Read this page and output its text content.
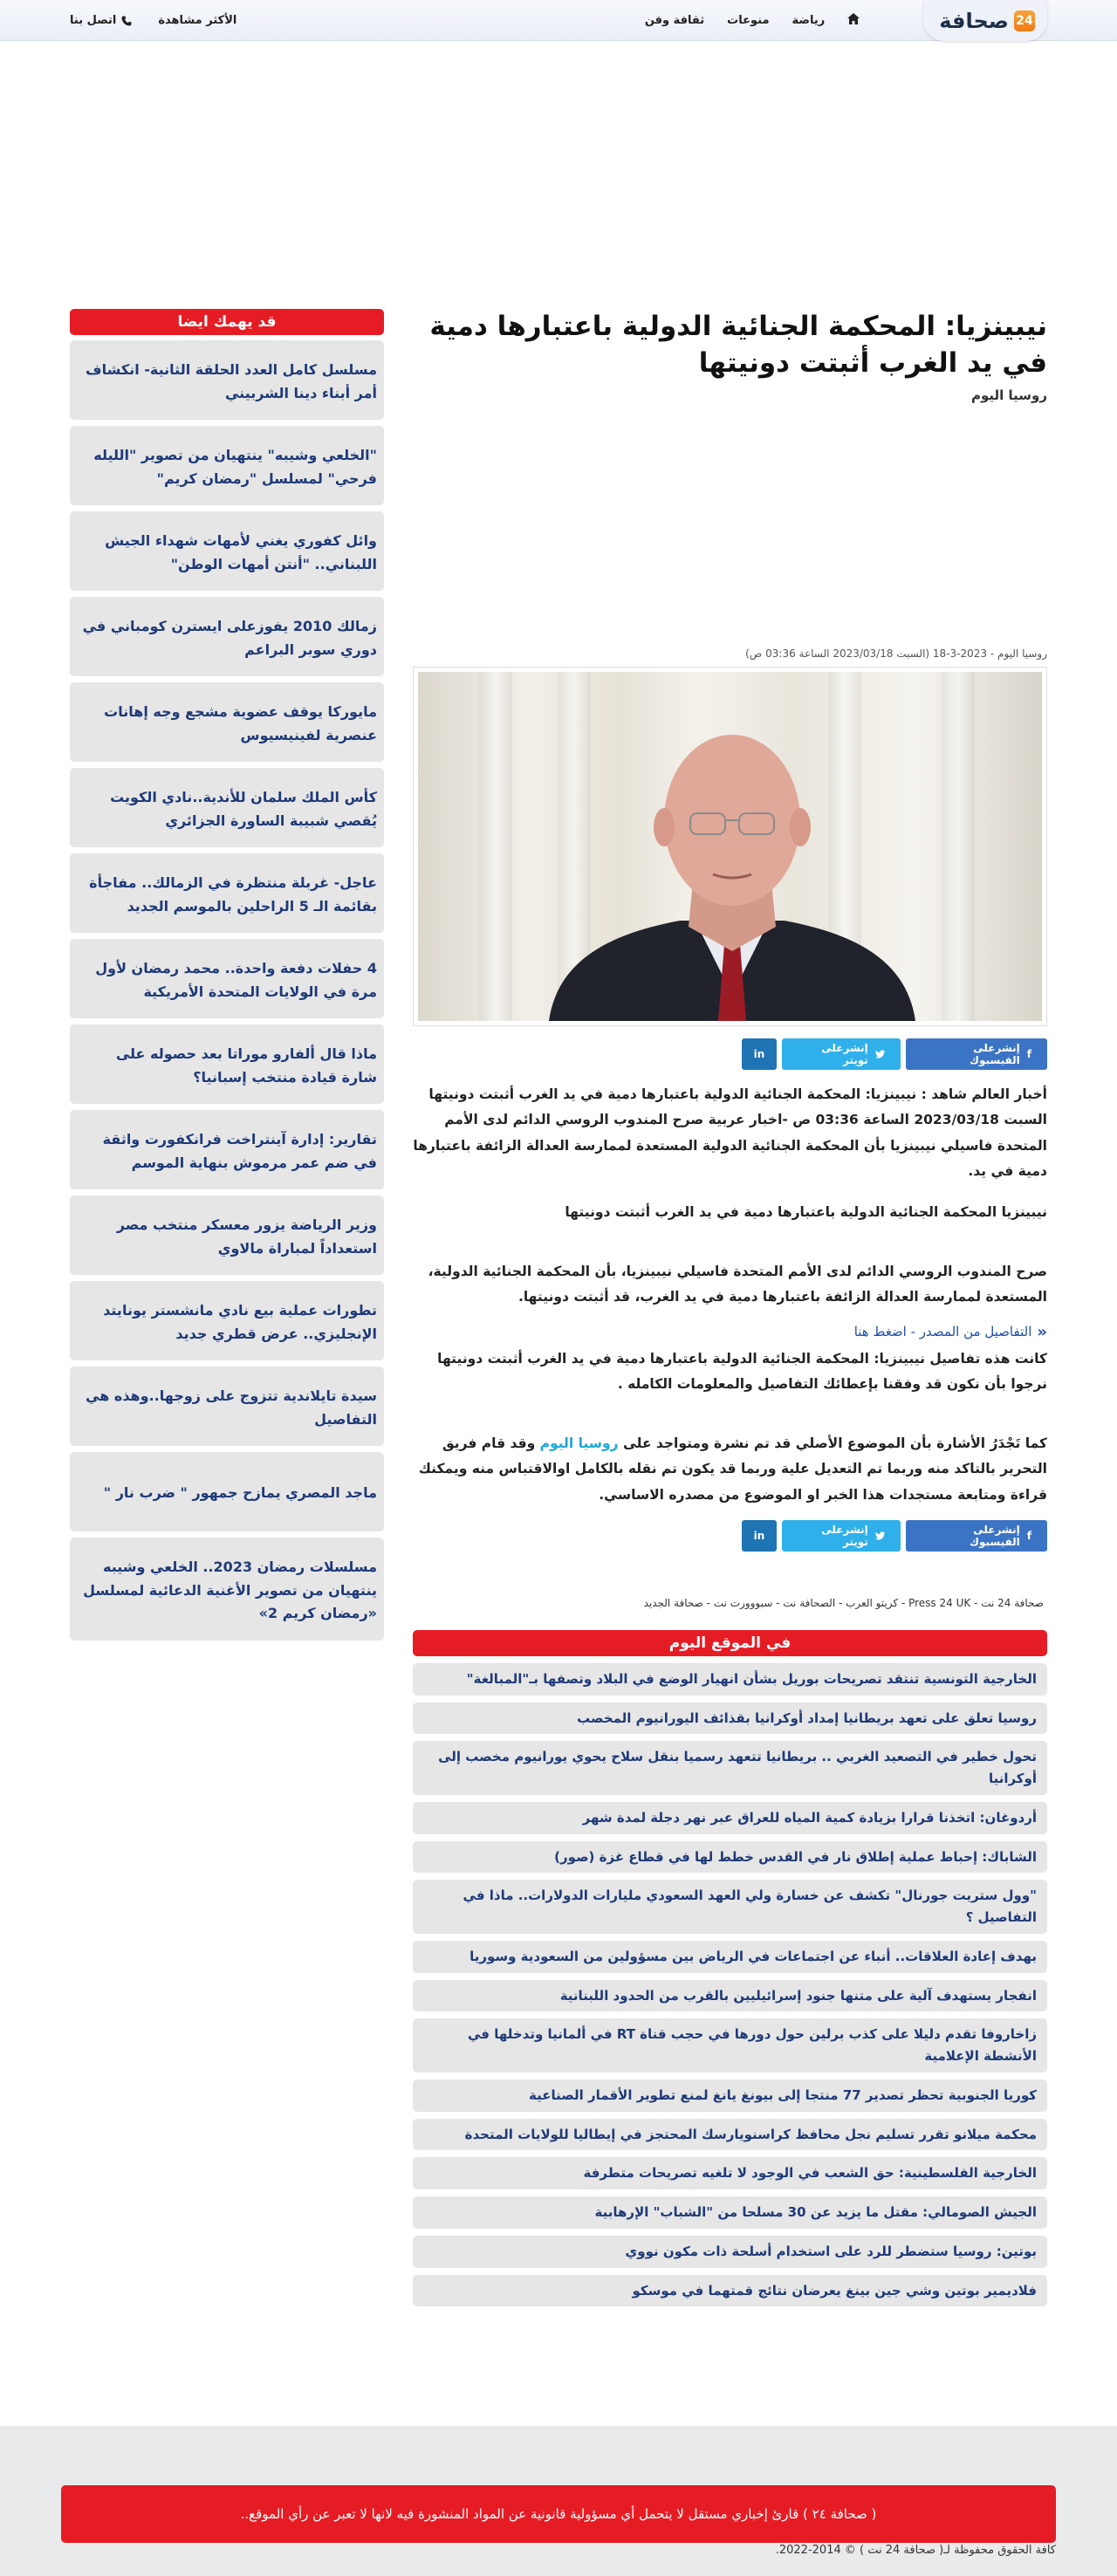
24
صحافة
رياضة
منوعات
ثقافة وفن
الأكثر مشاهدة
اتصل بنا
نيبينزيا: المحكمة الجنائية الدولية باعتبارها دمية في يد الغرب أثبتت دونيتها
روسيا اليوم
روسيا اليوم - 2023-3-18 (السبت 2023/03/18 الساعة 03:36 ص)
f
إنشرعلى الفيسبوك
إنشرعلى تويتر
in

أخبار العالم شاهد : نيبينزيا: المحكمة الجنائية الدولية باعتبارها دمية في يد الغرب أثبتت دونيتها السبت 2023/03/18 الساعة 03:36 ص -اخبار عربية صرح المندوب الروسي الدائم لدى الأمم المتحدة فاسيلي نيبينزيا بأن المحكمة الجنائية الدولية المستعدة لممارسة العدالة الزائفة باعتبارها دمية في يد.

نيبينزيا المحكمة الجنائية الدولية باعتبارها دمية في يد الغرب أثبتت دونيتها

صرح المندوب الروسي الدائم لدى الأمم المتحدة فاسيلي نيبينزيا، بأن المحكمة الجنائية الدولية، المستعدة لممارسة العدالة الزائفة باعتبارها دمية في يد الغرب، قد أثبتت دونيتها.

«
التفاصيل من المصدر - اضغط هنا

كانت هذه تفاصيل نيبينزيا: المحكمة الجنائية الدولية باعتبارها دمية في يد الغرب أثبتت دونيتها نرجوا بأن نكون قد وفقنا بإعطائك التفاصيل والمعلومات الكامله .

كما تَجْدَرُ الأشارة بأن الموضوع الأصلي قد تم نشرة ومتواجد على روسيا اليوم وقد قام فريق التحرير بالتاكد منه وربما تم التعديل علية وربما قد يكون تم نقله بالكامل اوالاقتباس منه ويمكنك قراءة ومتابعة مستجدات هذا الخبر او الموضوع من مصدره الاساسي.

f
إنشرعلى الفيسبوك
إنشرعلى تويتر
in
صحافة 24 نت - Press 24 UK - كريتو العرب - الصحافة نت - سبووورت نت - صحافة الجديد
في الموقع اليوم
الخارجية التونسية تنتقد تصريحات بوريل بشأن انهيار الوضع في البلاد وتصفها بـ"المبالغة"
روسيا تعلق على تعهد بريطانيا إمداد أوكرانيا بقذائف اليورانيوم المخصب
تحول خطير في التصعيد الغربي .. بريطانيا تتعهد رسميا بنقل سلاح يحوي يورانيوم مخصب إلى أوكرانيا
أردوغان: اتخذنا قرارا بزيادة كمية المياه للعراق عبر نهر دجلة لمدة شهر
الشاباك: إحباط عملية إطلاق نار في القدس خطط لها في قطاع غزة (صور)
"وول ستريت جورنال" تكشف عن خسارة ولي العهد السعودي مليارات الدولارات.. ماذا في التفاصيل ؟
بهدف إعادة العلاقات.. أنباء عن اجتماعات في الرياض بين مسؤولين من السعودية وسوريا
انفجار يستهدف آلية على متنها جنود إسرائيليين بالقرب من الحدود اللبنانية
زاخاروفا تقدم دليلا على كذب برلين حول دورها في حجب قناة RT في ألمانيا وتدخلها في الأنشطة الإعلامية
كوريا الجنوبية تحظر تصدير 77 منتجا إلى بيونغ يانغ لمنع تطوير الأقمار الصناعية
محكمة ميلانو تقرر تسليم نجل محافظ كراسنويارسك المحتجز في إيطاليا للولايات المتحدة
الخارجية الفلسطينية: حق الشعب في الوجود لا تلغيه تصريحات متطرفة
الجيش الصومالي: مقتل ما يزيد عن 30 مسلحا من "الشباب" الإرهابية
بوتين: روسيا ستضطر للرد على استخدام أسلحة ذات مكون نووي
فلاديمير بوتين وشي جين بينغ يعرضان نتائج قمتهما في موسكو
قد يهمك ايضا
مسلسل كامل العدد الحلقة الثانية- انكشاف أمر أبناء دينا الشربيني
"الخلعي وشيبه" ينتهيان من تصوير "الليله فرحي" لمسلسل "رمضان كريم"
وائل كفوري يغني لأمهات شهداء الجيش اللبناني.. "أنتن أمهات الوطن"
زمالك 2010 يفوزعلى ايسترن كومباني في دوري سوبر البراعم
مايوركا يوقف عضوية مشجع وجه إهانات عنصرية لفينيسيوس
كأس الملك سلمان للأندية..نادي الكويت يُقصي شبيبة الساورة الجزائري
عاجل- غربلة منتظرة في الزمالك.. مفاجأة بقائمة الـ 5 الراحلين بالموسم الجديد
4 حفلات دفعة واحدة.. محمد رمضان لأول مرة في الولايات المتحدة الأمريكية
ماذا قال ألفارو موراتا بعد حصوله على شارة قيادة منتخب إسبانيا؟
تقارير: إدارة آينتراخت فرانكفورت واثقة في ضم عمر مرموش بنهاية الموسم
وزير الرياضة يزور معسكر منتخب مصر استعداداً لمباراة مالاوي
تطورات عملية بيع نادي مانشستر يونايتد الإنجليزي.. عرض قطري جديد
سيدة تايلاندية تتزوج على زوجها..وهذه هي التفاصيل
ماجد المصري يمازح جمهور " ضرب نار "
مسلسلات رمضان 2023.. الخلعي وشيبه ينتهيان من تصوير الأغنية الدعائية لمسلسل «رمضان كريم 2»
( صحافة ٢٤ ) قارئ إخباري مستقل لا يتحمل أي مسؤولية قانونية عن المواد المنشورة فيه لانها لا تعبر عن رأي الموقع..
كافة الحقوق محفوظة لـ( صحافة 24 نت ) © 2014-2022.
